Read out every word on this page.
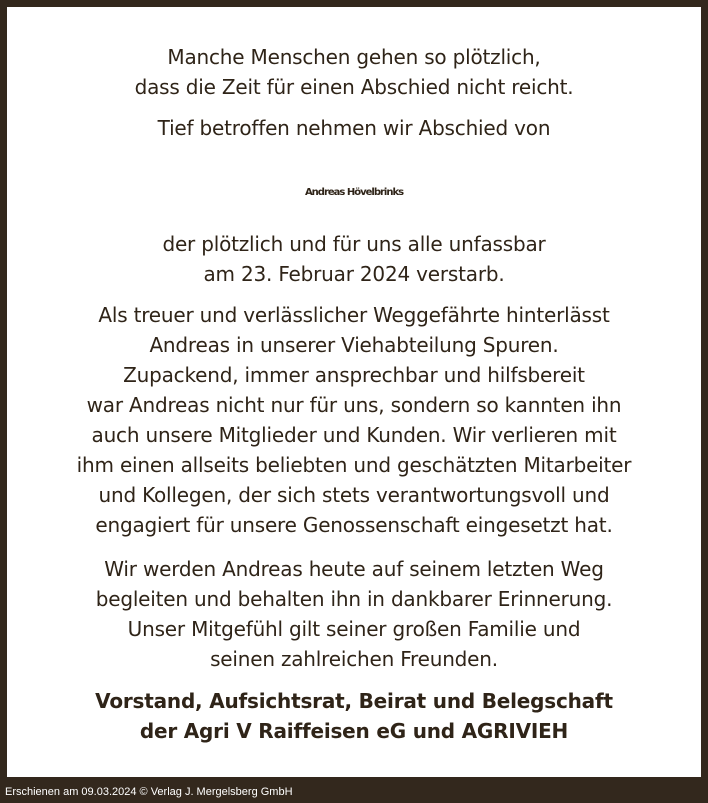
Manche Menschen gehen so plötzlich,
dass die Zeit für einen Abschied nicht reicht.
Tief betroffen nehmen wir Abschied von
Andreas Hövelbrinks
der plötzlich und für uns alle unfassbar
am 23. Februar 2024 verstarb.
Als treuer und verlässlicher Weggefährte hinterlässt
Andreas in unserer Viehabteilung Spuren.
Zupackend, immer ansprechbar und hilfsbereit
war Andreas nicht nur für uns, sondern so kannten ihn
auch unsere Mitglieder und Kunden. Wir verlieren mit
ihm einen allseits beliebten und geschätzten Mitarbeiter
und Kollegen, der sich stets verantwortungsvoll und
engagiert für unsere Genossenschaft eingesetzt hat.
Wir werden Andreas heute auf seinem letzten Weg
begleiten und behalten ihn in dankbarer Erinnerung.
Unser Mitgefühl gilt seiner großen Familie und
seinen zahlreichen Freunden.
Vorstand, Aufsichtsrat, Beirat und Belegschaft
der Agri V Raiffeisen eG und AGRIVIEH
Erschienen am 09.03.2024 © Verlag J. Mergelsberg GmbH
